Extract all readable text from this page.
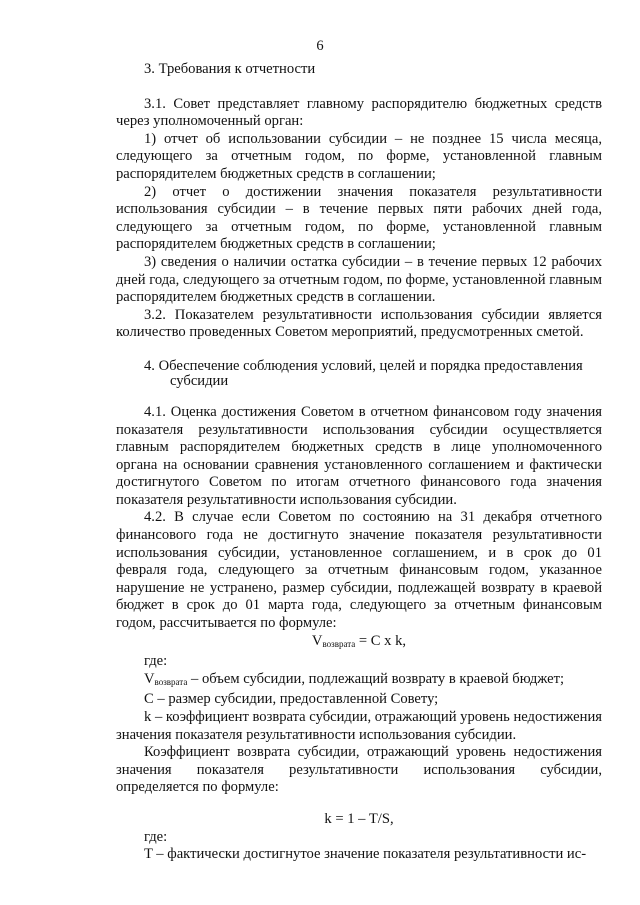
6

3. Требования к отчетности

3.1. Совет представляет главному распорядителю бюджетных средств через уполномоченный орган:

1) отчет об использовании субсидии – не позднее 15 числа месяца, следующего за отчетным годом, по форме, установленной главным распорядителем бюджетных средств в соглашении;

2) отчет о достижении значения показателя результативности использования субсидии – в течение первых пяти рабочих дней года, следующего за отчетным годом, по форме, установленной главным распорядителем бюджетных средств в соглашении;

3) сведения о наличии остатка субсидии – в течение первых 12 рабочих дней года, следующего за отчетным годом, по форме, установленной главным распорядителем бюджетных средств в соглашении.

3.2. Показателем результативности использования субсидии является количество проведенных Советом мероприятий, предусмотренных сметой.

4. Обеспечение соблюдения условий, целей и порядка предоставления
субсидии

4.1. Оценка достижения Советом в отчетном финансовом году значения показателя результативности использования субсидии осуществляется главным распорядителем бюджетных средств в лице уполномоченного органа на основании сравнения установленного соглашением и фактически достигнутого Советом по итогам отчетного финансового года значения показателя результативности использования субсидии.

4.2. В случае если Советом по состоянию на 31 декабря отчетного финансового года не достигнуто значение показателя результативности использования субсидии, установленное соглашением, и в срок до 01 февраля года, следующего за отчетным финансовым годом, указанное нарушение не устранено, размер субсидии, подлежащей возврату в краевой бюджет в срок до 01 марта года, следующего за отчетным финансовым годом, рассчитывается по формуле:

$V_{возврата} = C$ x k,

где:

$V_{возврата}$ – объем субсидии, подлежащий возврату в краевой бюджет;

C – размер субсидии, предоставленной Совету;

k – коэффициент возврата субсидии, отражающий уровень недостижения значения показателя результативности использования субсидии.

Коэффициент возврата субсидии, отражающий уровень недостижения значения показателя результативности использования субсидии, определяется по формуле:

k = 1 – T/S,

где:

T – фактически достигнутое значение показателя результативности ис-
